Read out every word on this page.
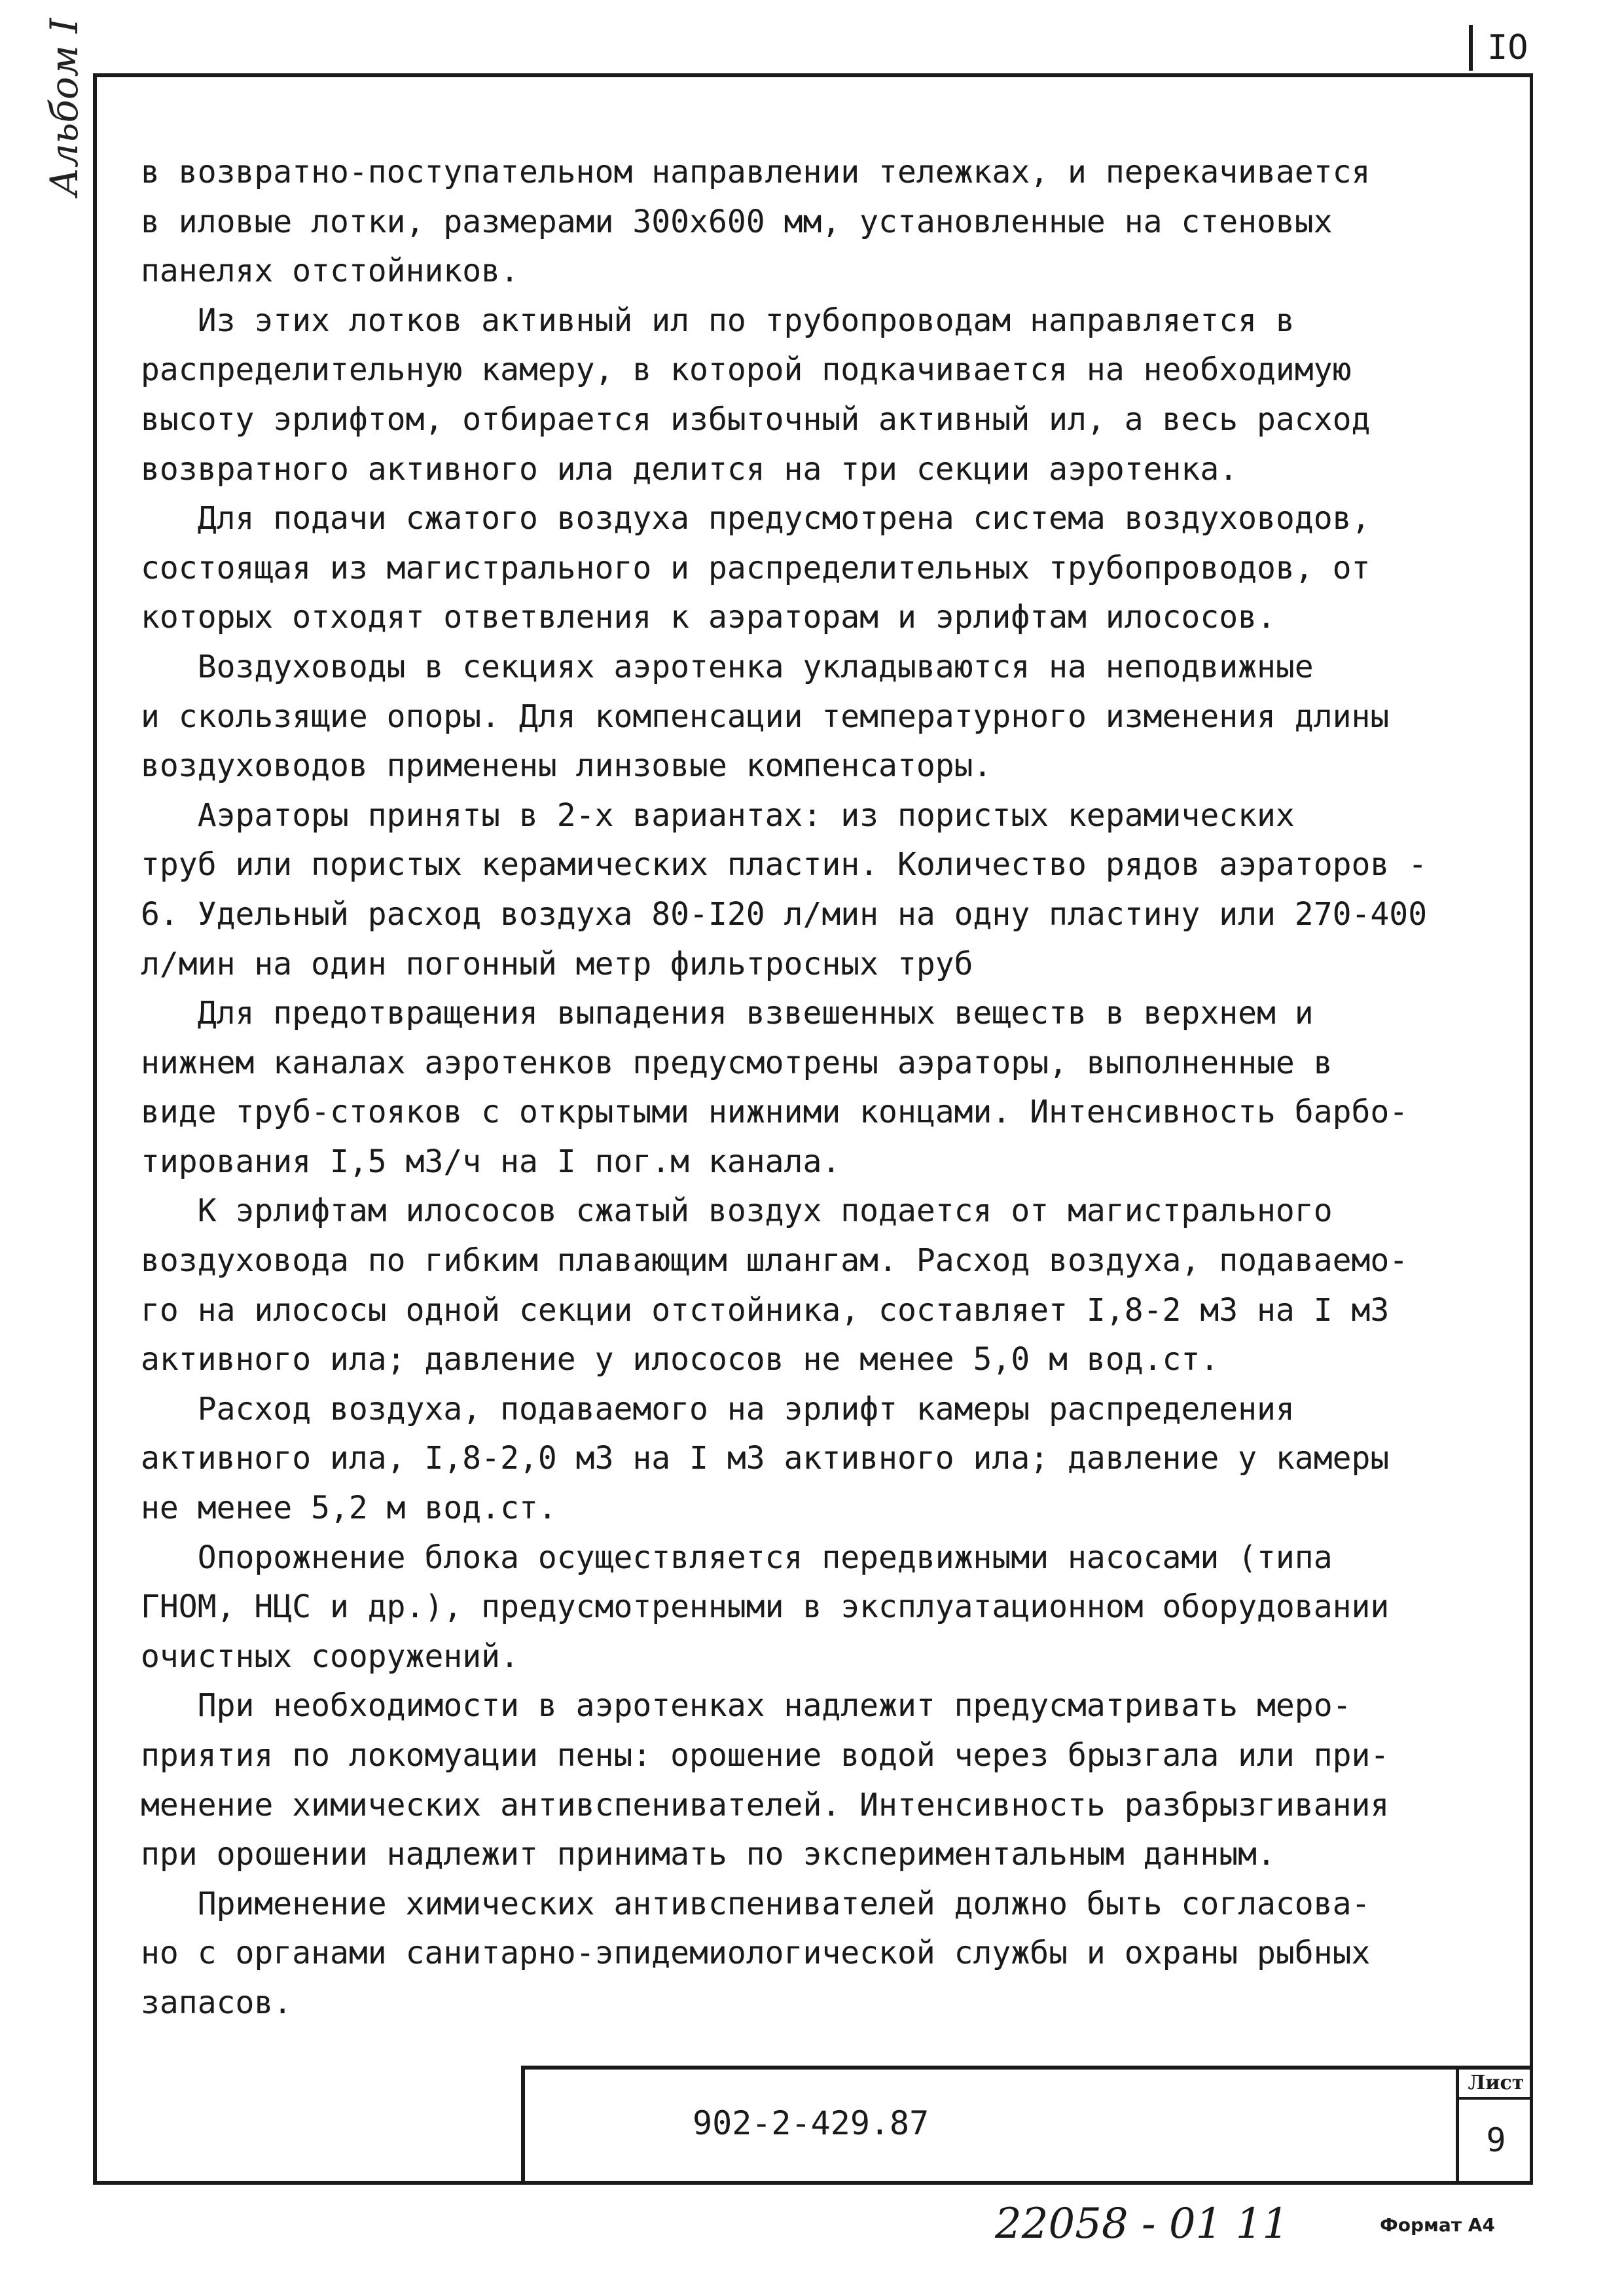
IO
Альбом I в возвратно-поступательном направлении тележках, и перекачивается
в иловые лотки, размерами 300х600 мм, установленные на стеновых
панелях отстойников.
Из этих лотков активный ил по трубопроводам направляется в
распределительную камеру, в которой подкачивается на необходимую
высоту эрлифтом, отбирается избыточный активный ил, а весь расход
возвратного активного ила делится на три секции аэротенка.
Для подачи сжатого воздуха предусмотрена система воздуховодов,
состоящая из магистрального и распределительных трубопроводов, от
которых отходят ответвления к аэраторам и эрлифтам илососов.
Воздуховоды в секциях аэротенка укладываются на неподвижные
и скользящие опоры. Для компенсации температурного изменения длины
воздуховодов применены линзовые компенсаторы.
Аэраторы приняты в 2-х вариантах: из пористых керамических
труб или пористых керамических пластин. Количество рядов аэраторов -
6. Удельный расход воздуха 80-I20 л/мин на одну пластину или 270-400
л/мин на один погонный метр фильтросных труб
Для предотвращения выпадения взвешенных веществ в верхнем и
нижнем каналах аэротенков предусмотрены аэраторы, выполненные в
виде труб-стояков с открытыми нижними концами. Интенсивность барбо-
тирования I,5 м3/ч на I пог.м канала.
К эрлифтам илососов сжатый воздух подается от магистрального
воздуховода по гибким плавающим шлангам. Расход воздуха, подаваемо-
го на илососы одной секции отстойника, составляет I,8-2 м3 на I м3
активного ила; давление у илососов не менее 5,0 м вод.ст.
Расход воздуха, подаваемого на эрлифт камеры распределения
активного ила, I,8-2,0 м3 на I м3 активного ила; давление у камеры
не менее 5,2 м вод.ст.
Опорожнение блока осуществляется передвижными насосами (типа
ГНОМ, НЦС и др.), предусмотренными в эксплуатационном оборудовании
очистных сооружений.
При необходимости в аэротенках надлежит предусматривать меро-
приятия по локомуации пены: орошение водой через брызгала или при-
менение химических антивспенивателей. Интенсивность разбрызгивания
при орошении надлежит принимать по экспериментальным данным.
Применение химических антивспенивателей должно быть согласова-
но с органами санитарно-эпидемиологической службы и охраны рыбных
запасов.
902-2-429.87
Лист
9
22058 - 01 11	Формат А4
